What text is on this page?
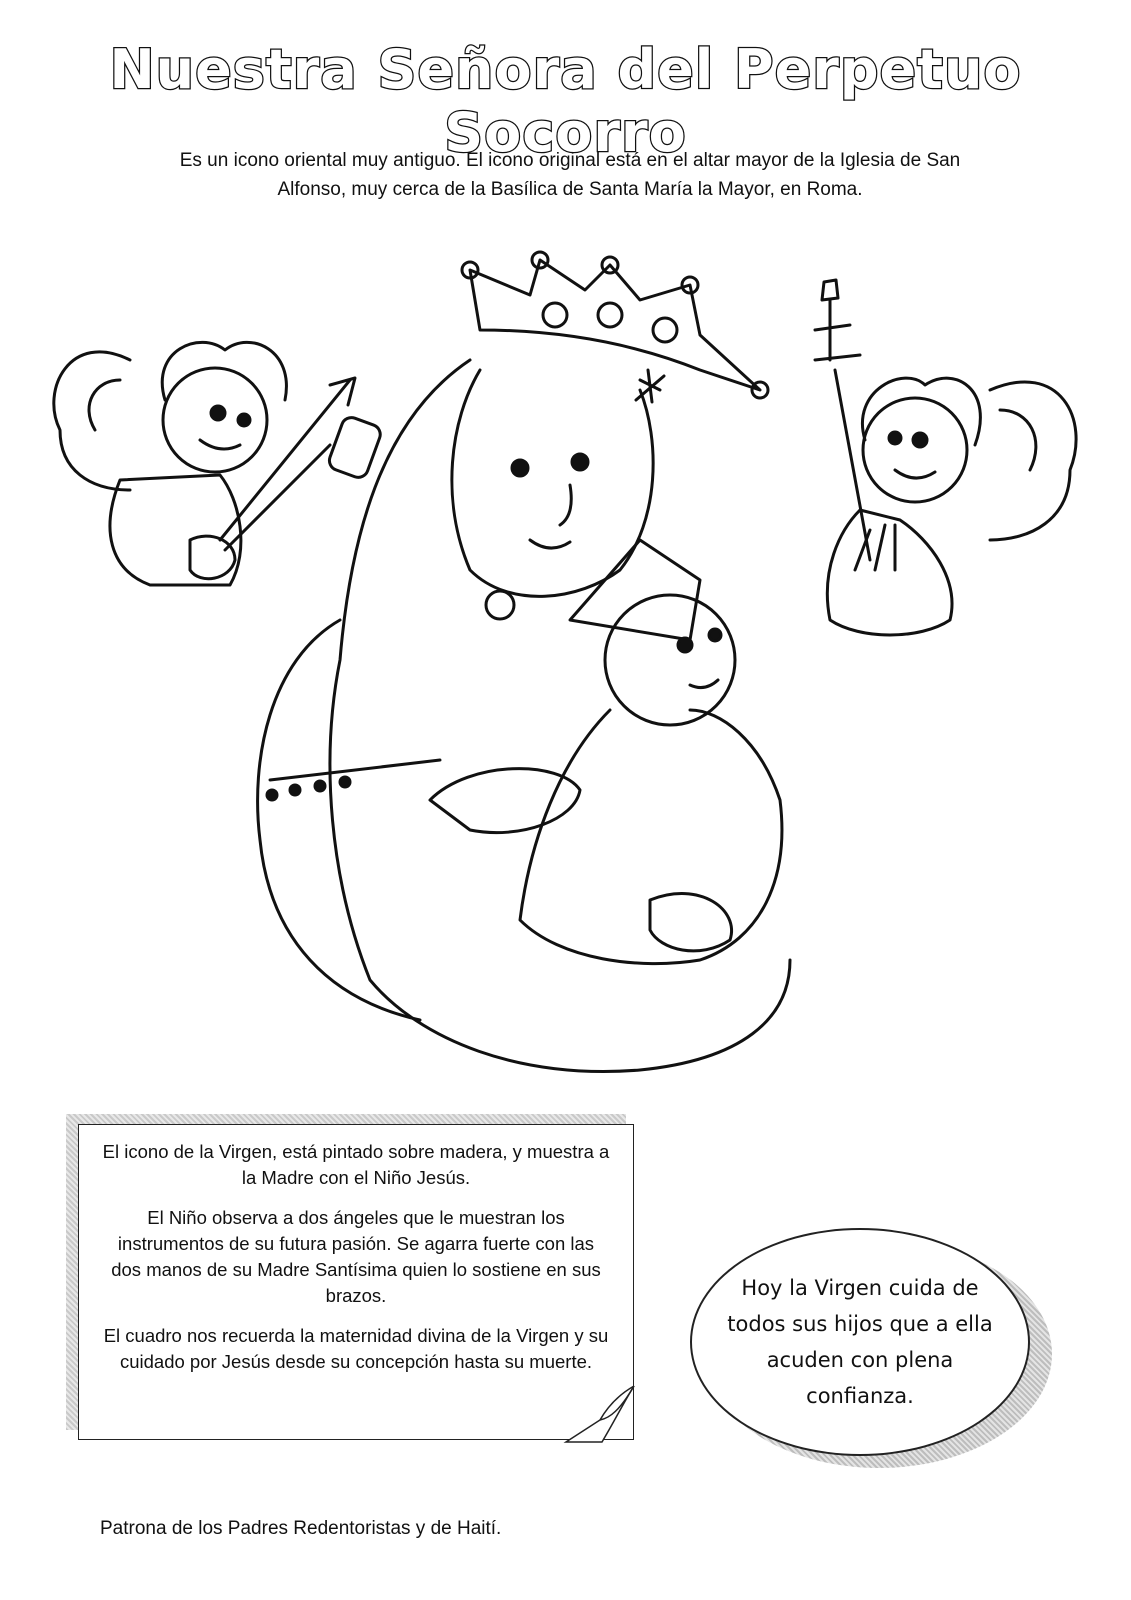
Nuestra Señora del Perpetuo Socorro
Es un icono oriental muy antiguo. El icono original está en el altar mayor de la Iglesia de San
Alfonso, muy cerca de la Basílica de Santa María la Mayor, en Roma.

El icono de la Virgen, está pintado sobre madera, y muestra a la Madre con el Niño Jesús.

El Niño observa a dos ángeles que le muestran los instrumentos de su futura pasión. Se agarra fuerte con las dos manos de su Madre Santísima quien lo sostiene en sus brazos.

El cuadro nos recuerda la maternidad divina de la Virgen y su cuidado por Jesús desde su concepción hasta su muerte.

Hoy la Virgen cuida de todos sus hijos que a ella acuden con plena confianza.
Patrona de los Padres Redentoristas y de Haití.
